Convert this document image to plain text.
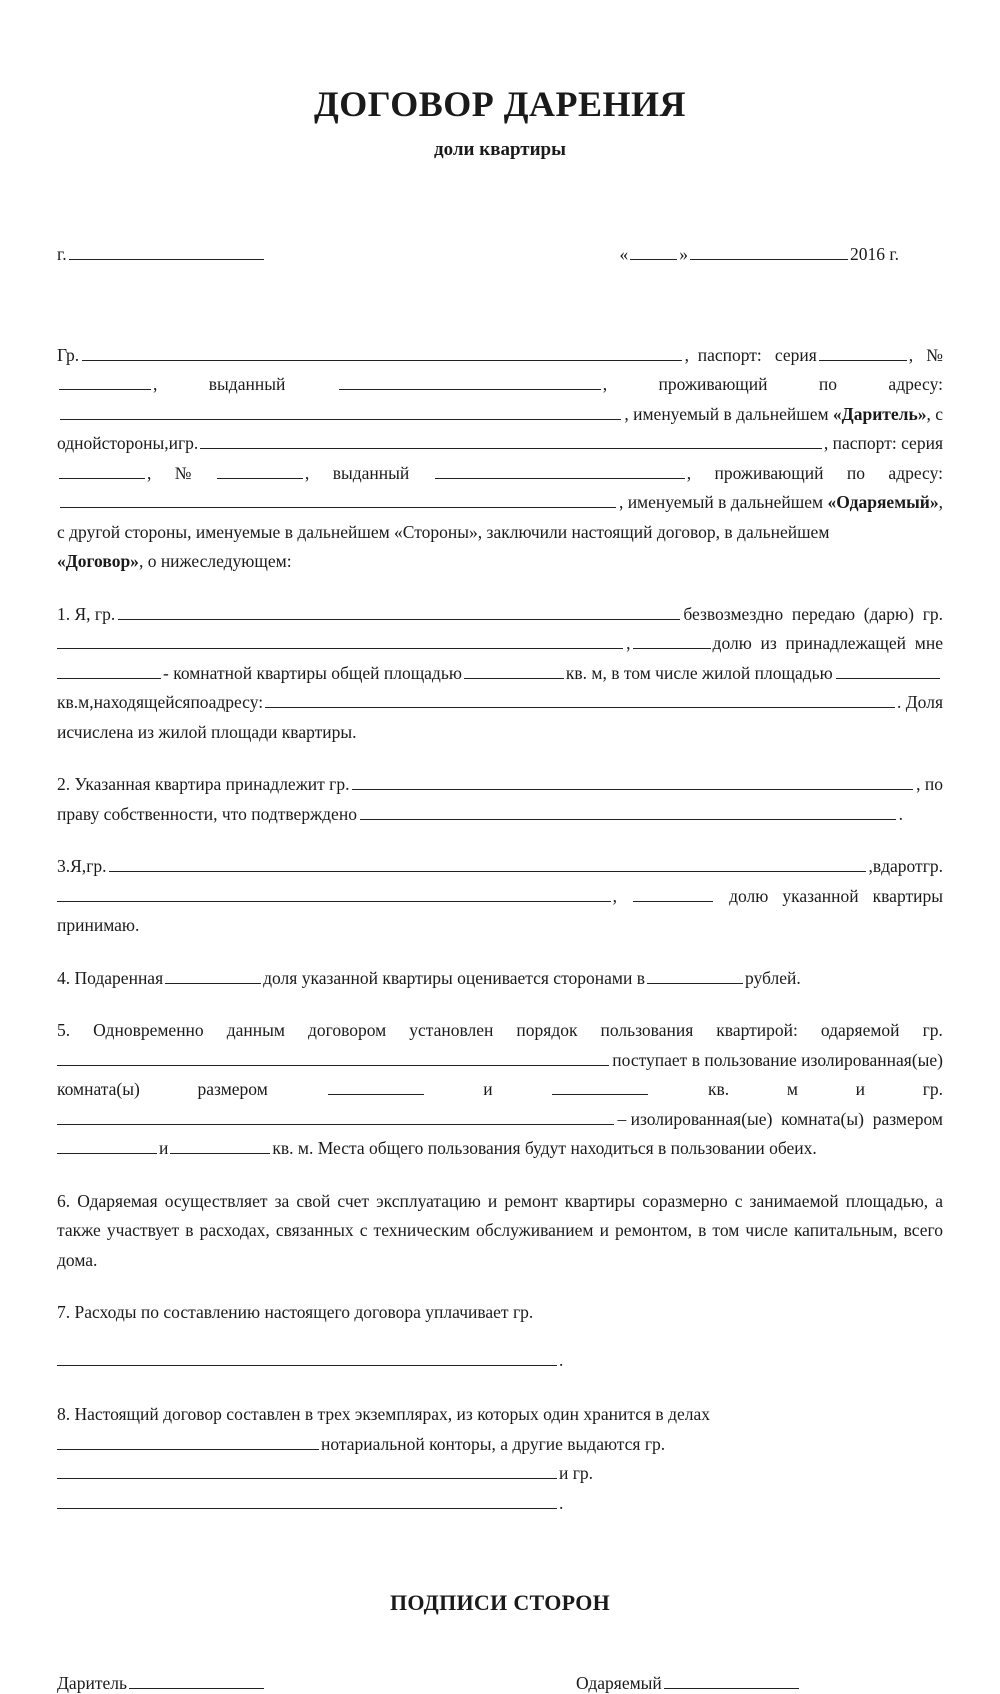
ДОГОВОР ДАРЕНИЯ
доли квартиры
г.	«	»	2016 г.
Гр.	,  паспорт:   серия	,   №
,	выданный	,	проживающий	по	адресу:
, именуемый в дальнейшем «Даритель» , с
одной стороны, и гр.	, паспорт: серия
, №	, выданный	, проживающий по адресу:
, именуемый в дальнейшем «Одаряемый» ,
с другой стороны, именуемые в дальнейшем «Стороны», заключили настоящий договор, в дальнейшем
«Договор», о нижеследующем:
1. Я, гр.	безвозмездно  передаю  (дарю)  гр.
,	долю  из  принадлежащей  мне
- комнатной квартиры общей площадью	кв. м, в том числе жилой площадью
кв. м, находящейся по адресу:	. Доля
исчислена из жилой площади квартиры.
2. Указанная квартира принадлежит гр.	, по
праву собственности, что подтверждено	.
3. Я, гр.	, в дар от гр.
,	долю указанной квартиры
принимаю.
4. Подаренная	доля указанной квартиры оценивается сторонами в	рублей.
5. Одновременно данным договором установлен порядок пользования квартирой: одаряемой гр.
поступает в пользование изолированная(ые)
комната(ы)	размером	и	кв.	м	и	гр.
– изолированная(ые)  комната(ы)  размером
и	кв. м. Места общего пользования будут находиться в пользовании обеих.

6. Одаряемая осуществляет за свой счет эксплуатацию и ремонт квартиры соразмерно с занимаемой площадью, а также участвует в расходах, связанных с техническим обслуживанием и ремонтом, в том числе капитальным, всего дома.

7. Расходы по составлению настоящего договора уплачивает гр.

.

8. Настоящий договор составлен в трех экземплярах, из которых один хранится в делах

нотариальной конторы, а другие выдаются гр.
и гр.
.
ПОДПИСИ СТОРОН
Даритель	Одаряемый
